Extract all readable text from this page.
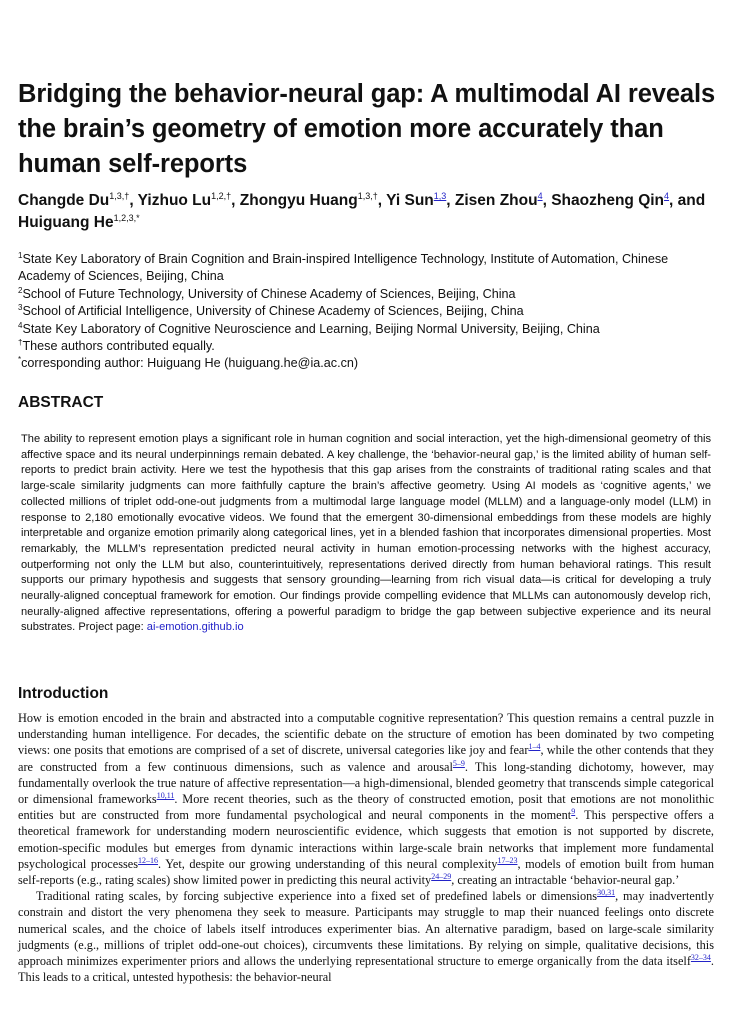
Bridging the behavior-neural gap: A multimodal AI reveals the brain’s geometry of emotion more accurately than human self-reports

Changde $Du^{1,3,\dagger}$, Yizhuo $Lu^{1,2,\dagger}$, Zhongyu Huang$^{1,3,\dagger}$, Yi Sun$^{1,3}$, Zisen Zhou$^4$, Shaozheng Qin$^4$, and Huiguang $He^{1,2,3,*}$

$^1$State Key Laboratory of Brain Cognition and Brain-inspired Intelligence Technology, Institute of Automation, Chinese Academy of Sciences, Beijing, China
$^2$School of Future Technology, University of Chinese Academy of Sciences, Beijing, China
$^3$School of Artificial Intelligence, University of Chinese Academy of Sciences, Beijing, China
$^4$State Key Laboratory of Cognitive Neuroscience and Learning, Beijing Normal University, Beijing, China
†These authors contributed equally.
*corresponding author: Huiguang He (huiguang.he@ia.ac.cn)
ABSTRACT

The ability to represent emotion plays a significant role in human cognition and social interaction, yet the high-dimensional geometry of this affective space and its neural underpinnings remain debated. A key challenge, the ‘behavior-neural gap,’ is the limited ability of human self-reports to predict brain activity. Here we test the hypothesis that this gap arises from the constraints of traditional rating scales and that large-scale similarity judgments can more faithfully capture the brain’s affective geometry. Using AI models as ‘cognitive agents,’ we collected millions of triplet odd-one-out judgments from a multimodal large language model (MLLM) and a language-only model (LLM) in response to 2,180 emotionally evocative videos. We found that the emergent 30-dimensional embeddings from these models are highly interpretable and organize emotion primarily along categorical lines, yet in a blended fashion that incorporates dimensional properties. Most remarkably, the MLLM’s representation predicted neural activity in human emotion-processing networks with the highest accuracy, outperforming not only the LLM but also, counterintuitively, representations derived directly from human behavioral ratings. This result supports our primary hypothesis and suggests that sensory grounding—learning from rich visual data—is critical for developing a truly neurally-aligned conceptual framework for emotion. Our findings provide compelling evidence that MLLMs can autonomously develop rich, neurally-aligned affective representations, offering a powerful paradigm to bridge the gap between subjective experience and its neural substrates. Project page: ai-emotion.github.io

Introduction

How is emotion encoded in the brain and abstracted into a computable cognitive representation? This question remains a central puzzle in understanding human intelligence. For decades, the scientific debate on the structure of emotion has been dominated by two competing views: one posits that emotions are comprised of a set of discrete, universal categories like joy and fear$^{1-4}$, while the other contends that they are constructed from a few continuous dimensions, such as valence and arousal$^{5-9}$. This long-standing dichotomy, however, may fundamentally overlook the true nature of affective representation—a high-dimensional, blended geometry that transcends simple categorical or dimensional frameworks$^{10,11}$. More recent theories, such as the theory of constructed emotion, posit that emotions are not monolithic entities but are constructed from more fundamental psychological and neural components in the moment$^9$. This perspective offers a theoretical framework for understanding modern neuroscientific evidence, which suggests that emotion is not supported by discrete, emotion-specific modules but emerges from dynamic interactions within large-scale brain networks that implement more fundamental psychological processes$^{12-16}$. Yet, despite our growing understanding of this neural complexity$^{17-23}$, models of emotion built from human self-reports (e.g., rating scales) show limited power in predicting this neural activity$^{24-29}$, creating an intractable ‘behavior-neural gap.’

Traditional rating scales, by forcing subjective experience into a fixed set of predefined labels or dimensions$^{30,31}$, may inadvertently constrain and distort the very phenomena they seek to measure. Participants may struggle to map their nuanced feelings onto discrete numerical scales, and the choice of labels itself introduces experimenter bias. An alternative paradigm, based on large-scale similarity judgments (e.g., millions of triplet odd-one-out choices), circumvents these limitations. By relying on simple, qualitative decisions, this approach minimizes experimenter priors and allows the underlying representational structure to emerge organically from the data itself$^{32-34}$. This leads to a critical, untested hypothesis: the behavior-neural
